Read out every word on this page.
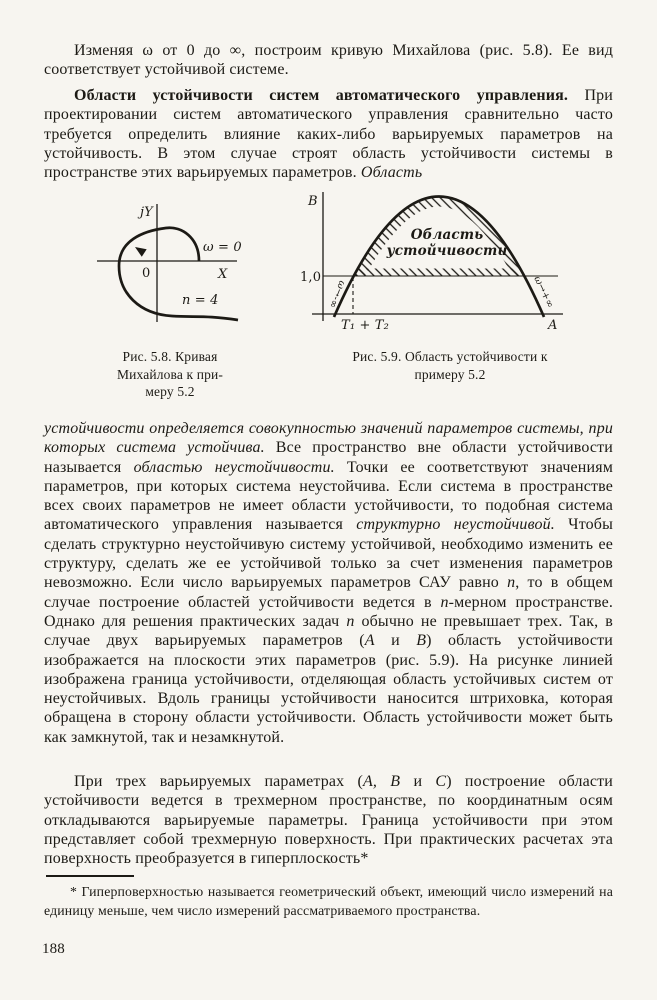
Изменяя ω от 0 до ∞, построим кривую Михайлова (рис. 5.8). Ее вид соответствует устойчивой системе.

Области устойчивости систем автоматического управления. При проектировании систем автоматического управления сравнительно часто требуется определить влияние каких-либо варьируемых параметров на устойчивость. В этом случае строят область устойчивости системы в пространстве этих варьируемых параметров. Область

jY
0	X
ω = 0
n = 4
B
1,0
A
Область
устойчивости
ω→-∞	ω→+∞
T₁ + T₂
Рис. 5.8. Кривая
Михайлова к при-
меру 5.2
Рис. 5.9. Область устойчивости к
примеру 5.2

устойчивости определяется совокупностью значений параметров системы, при которых система устойчива. Все пространство вне области устойчивости называется областью неустойчивости. Точки ее соответствуют значениям параметров, при которых система неустойчива. Если система в пространстве всех своих параметров не имеет области устойчивости, то подобная система автоматического управления называется структурно неустойчивой. Чтобы сделать структурно неустойчивую систему устойчивой, необходимо изменить ее структуру, сделать же ее устойчивой только за счет изменения параметров невозможно. Если число варьируемых параметров САУ равно n, то в общем случае построение областей устойчивости ведется в n-мерном пространстве. Однако для решения практических задач n обычно не превышает трех. Так, в случае двух варьируемых параметров (A и B) область устойчивости изображается на плоскости этих параметров (рис. 5.9). На рисунке линией изображена граница устойчивости, отделяющая область устойчивых систем от неустойчивых. Вдоль границы устойчивости наносится штриховка, которая обращена в сторону области устойчивости. Область устойчивости может быть как замкнутой, так и незамкнутой.

При трех варьируемых параметрах (A, B и C) построение области устойчивости ведется в трехмерном пространстве, по координатным осям откладываются варьируемые параметры. Граница устойчивости при этом представляет собой трехмерную поверхность. При практических расчетах эта поверхность преобразуется в гиперплоскость*

* Гиперповерхностью называется геометрический объект, имеющий число измерений на единицу меньше, чем число измерений рассматриваемого пространства.

188
